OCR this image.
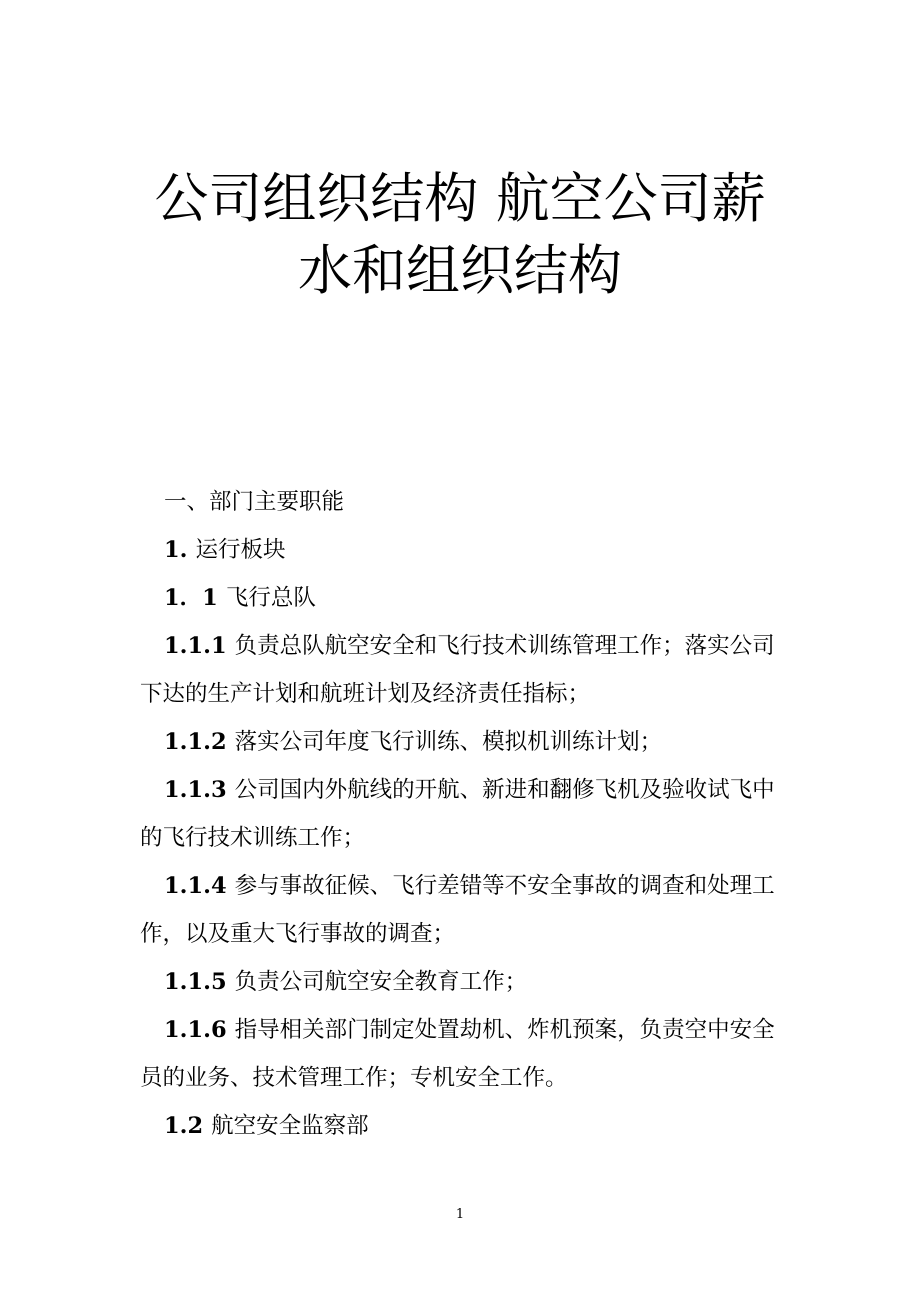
公司组织结构 航空公司薪
水和组织结构

一、部门主要职能

1. 运行板块

1．1 飞行总队

1.1.1 负责总队航空安全和飞行技术训练管理工作；落实公司下达的生产计划和航班计划及经济责任指标；

1.1.2 落实公司年度飞行训练、模拟机训练计划；

1.1.3 公司国内外航线的开航、新进和翻修飞机及验收试飞中的飞行技术训练工作；

1.1.4 参与事故征候、飞行差错等不安全事故的调查和处理工作，以及重大飞行事故的调查；

1.1.5 负责公司航空安全教育工作；

1.1.6 指导相关部门制定处置劫机、炸机预案，负责空中安全员的业务、技术管理工作；专机安全工作。

1.2 航空安全监察部

1
